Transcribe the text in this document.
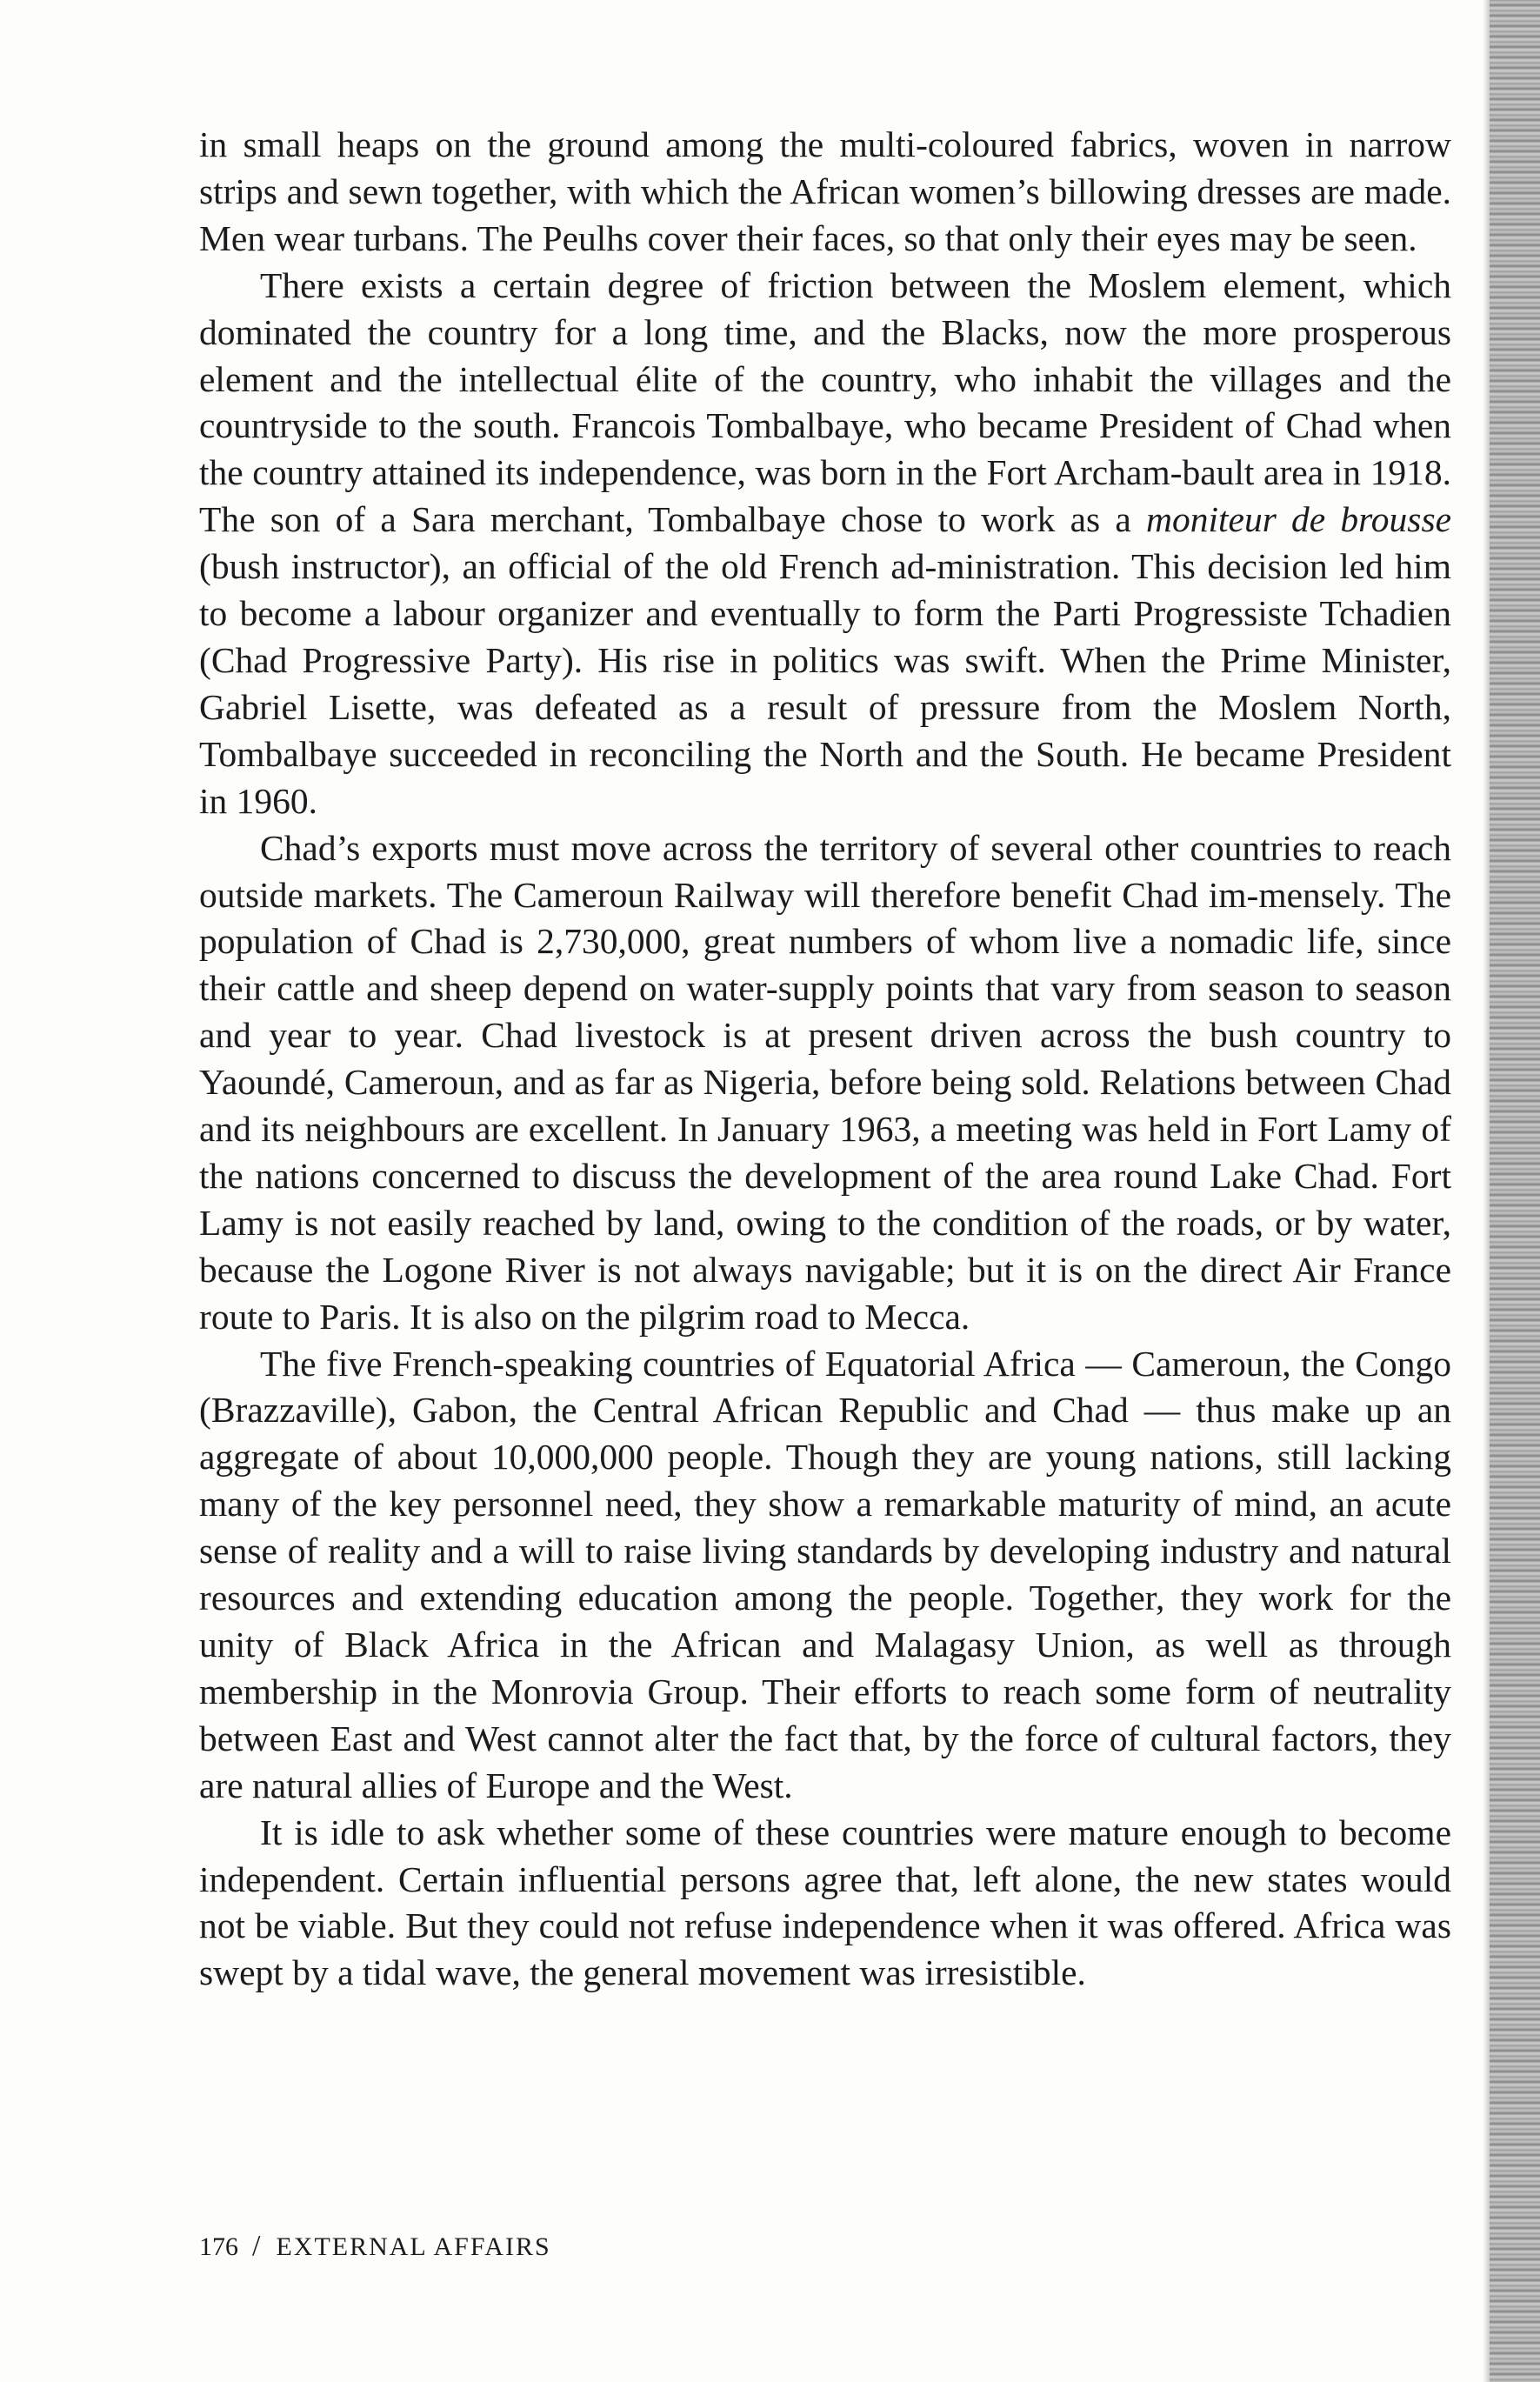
in small heaps on the ground among the multi-coloured fabrics, woven in narrow strips and sewn together, with which the African women’s billowing dresses are made. Men wear turbans. The Peulhs cover their faces, so that only their eyes may be seen.

There exists a certain degree of friction between the Moslem element, which dominated the country for a long time, and the Blacks, now the more prosperous element and the intellectual élite of the country, who inhabit the villages and the countryside to the south. Francois Tombalbaye, who became President of Chad when the country attained its independence, was born in the Fort Archam-bault area in 1918. The son of a Sara merchant, Tombalbaye chose to work as a moniteur de brousse (bush instructor), an official of the old French ad-ministration. This decision led him to become a labour organizer and eventually to form the Parti Progressiste Tchadien (Chad Progressive Party). His rise in politics was swift. When the Prime Minister, Gabriel Lisette, was defeated as a result of pressure from the Moslem North, Tombalbaye succeeded in reconciling the North and the South. He became President in 1960.

Chad’s exports must move across the territory of several other countries to reach outside markets. The Cameroun Railway will therefore benefit Chad im-mensely. The population of Chad is 2,730,000, great numbers of whom live a nomadic life, since their cattle and sheep depend on water-supply points that vary from season to season and year to year. Chad livestock is at present driven across the bush country to Yaoundé, Cameroun, and as far as Nigeria, before being sold. Relations between Chad and its neighbours are excellent. In January 1963, a meeting was held in Fort Lamy of the nations concerned to discuss the development of the area round Lake Chad. Fort Lamy is not easily reached by land, owing to the condition of the roads, or by water, because the Logone River is not always navigable; but it is on the direct Air France route to Paris. It is also on the pilgrim road to Mecca.

The five French-speaking countries of Equatorial Africa — Cameroun, the Congo (Brazzaville), Gabon, the Central African Republic and Chad — thus make up an aggregate of about 10,000,000 people. Though they are young nations, still lacking many of the key personnel need, they show a remarkable maturity of mind, an acute sense of reality and a will to raise living standards by developing industry and natural resources and extending education among the people. Together, they work for the unity of Black Africa in the African and Malagasy Union, as well as through membership in the Monrovia Group. Their efforts to reach some form of neutrality between East and West cannot alter the fact that, by the force of cultural factors, they are natural allies of Europe and the West.

It is idle to ask whether some of these countries were mature enough to become independent. Certain influential persons agree that, left alone, the new states would not be viable. But they could not refuse independence when it was offered. Africa was swept by a tidal wave, the general movement was irresistible.

176 / EXTERNAL AFFAIRS
